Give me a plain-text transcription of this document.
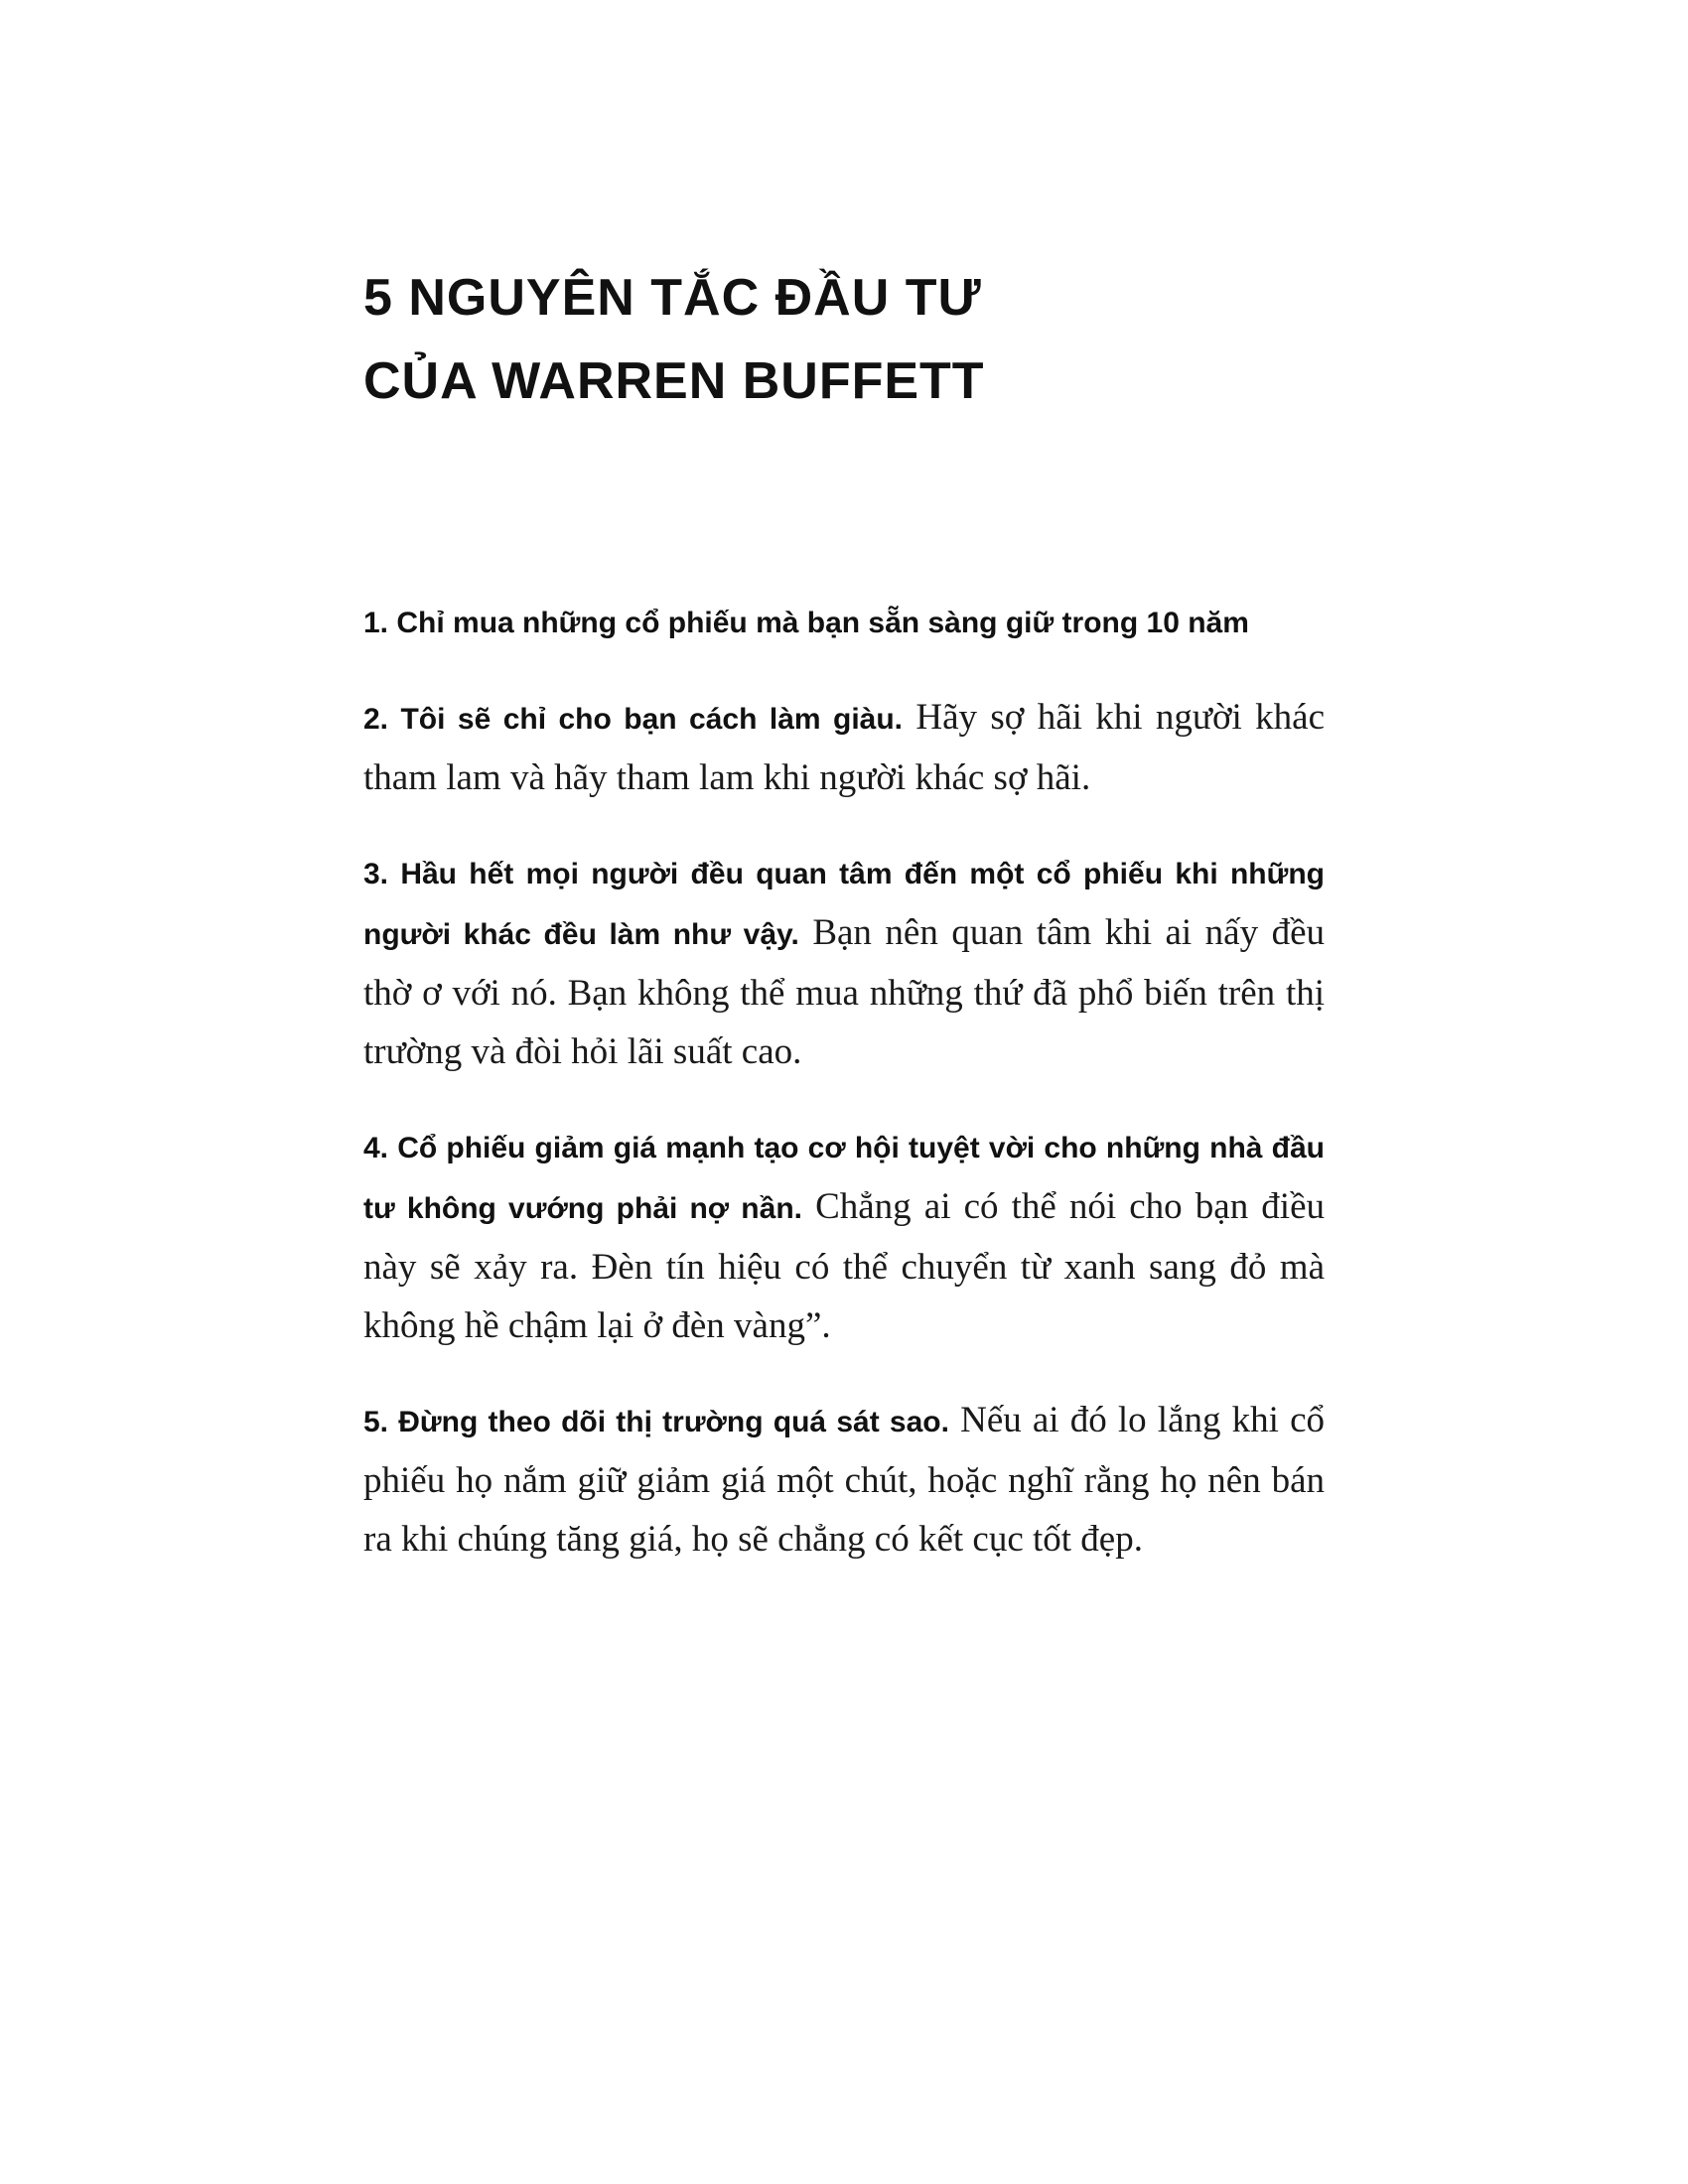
5 NGUYÊN TẮC ĐẦU TƯ
CỦA WARREN BUFFETT

1. Chỉ mua những cổ phiếu mà bạn sẵn sàng giữ trong 10 năm

2. Tôi sẽ chỉ cho bạn cách làm giàu. Hãy sợ hãi khi người khác tham lam và hãy tham lam khi người khác sợ hãi.

3. Hầu hết mọi người đều quan tâm đến một cổ phiếu khi những người khác đều làm như vậy. Bạn nên quan tâm khi ai nấy đều thờ ơ với nó. Bạn không thể mua những thứ đã phổ biến trên thị trường và đòi hỏi lãi suất cao.

4. Cổ phiếu giảm giá mạnh tạo cơ hội tuyệt vời cho những nhà đầu tư không vướng phải nợ nần. Chẳng ai có thể nói cho bạn điều này sẽ xảy ra. Đèn tín hiệu có thể chuyển từ xanh sang đỏ mà không hề chậm lại ở đèn vàng”.

5. Đừng theo dõi thị trường quá sát sao. Nếu ai đó lo lắng khi cổ phiếu họ nắm giữ giảm giá một chút, hoặc nghĩ rằng họ nên bán ra khi chúng tăng giá, họ sẽ chẳng có kết cục tốt đẹp.
